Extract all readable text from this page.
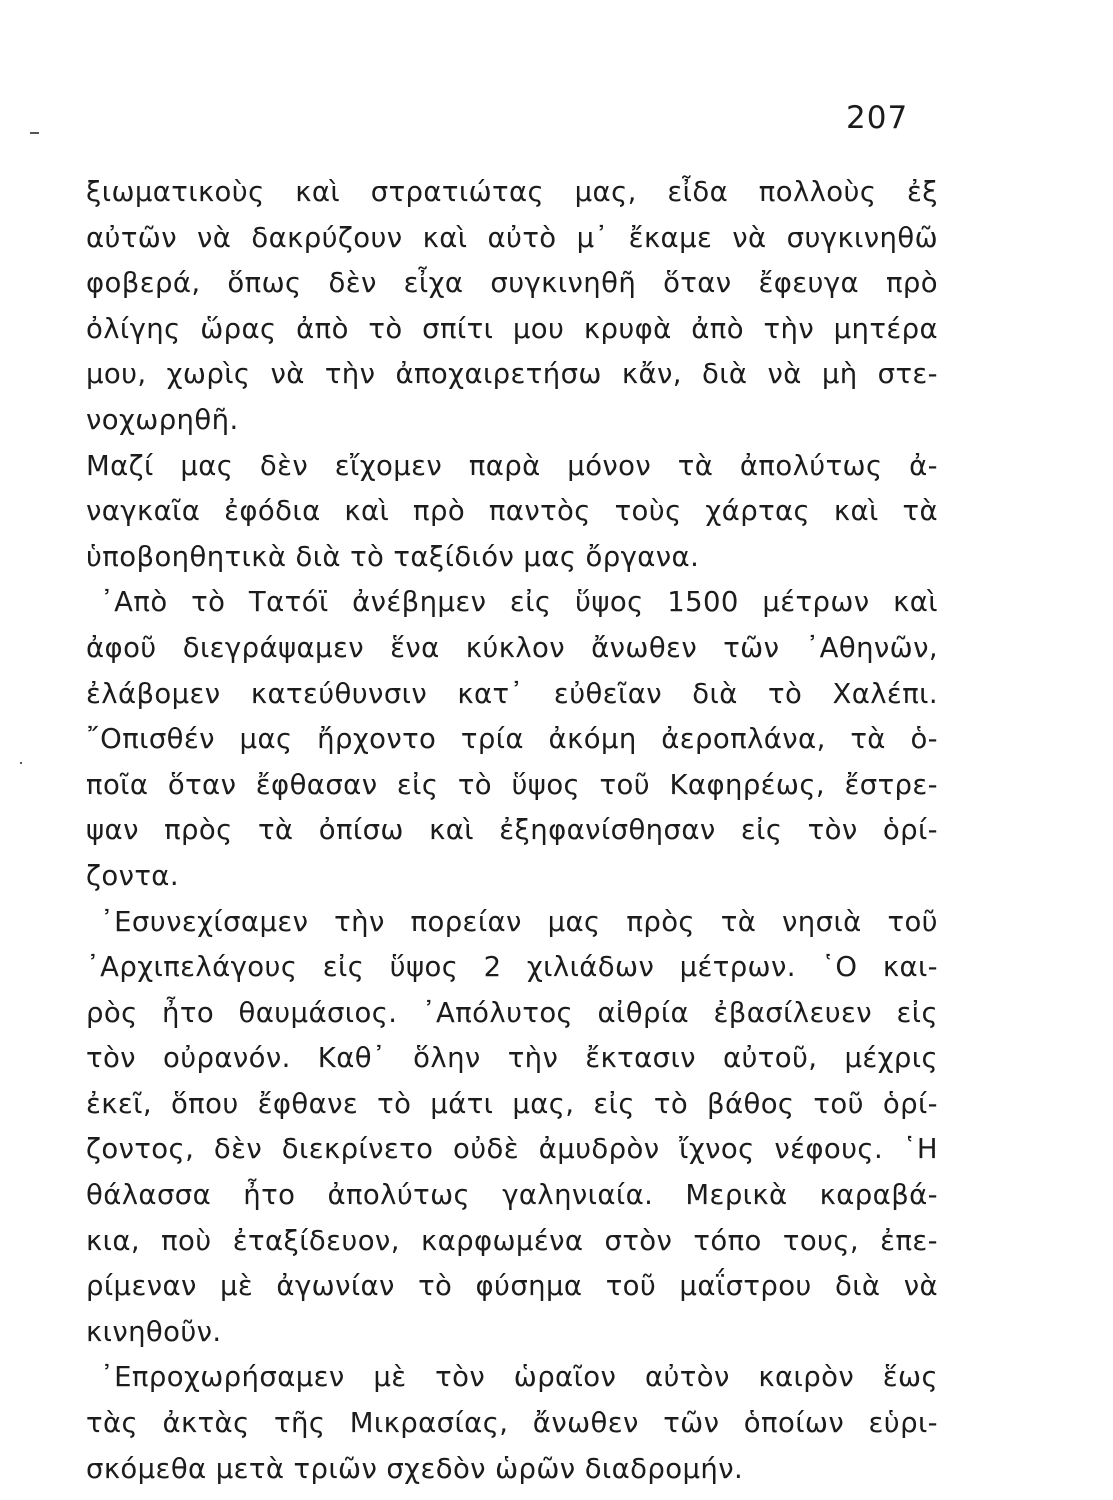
207
ξιωματικοὺς καὶ στρατιώτας μας, εἶδα πολλοὺς ἐξ
αὐτῶν νὰ δακρύζουν καὶ αὐτὸ μ᾽ ἔκαμε νὰ συγκινηθῶ
φοβερά, ὅπως δὲν εἶχα συγκινηθῆ ὅταν ἔφευγα πρὸ
ὀλίγης ὥρας ἀπὸ τὸ σπίτι μου κρυφὰ ἀπὸ τὴν μητέρα
μου, χωρὶς νὰ τὴν ἀποχαιρετήσω κἄν, διὰ νὰ μὴ στε-
νοχωρηθῆ.
Μαζί μας δὲν εἴχομεν παρὰ μόνον τὰ ἀπολύτως ἀ-
ναγκαῖα ἐφόδια καὶ πρὸ παντὸς τοὺς χάρτας καὶ τὰ
ὑποβοηθητικὰ διὰ τὸ ταξίδιόν μας ὄργανα.
᾽Απὸ τὸ Τατόϊ ἀνέβημεν εἰς ὕψος 1500 μέτρων καὶ
ἀφοῦ διεγράψαμεν ἕνα κύκλον ἄνωθεν τῶν ᾽Αθηνῶν,
ἐλάβομεν κατεύθυνσιν κατ᾽ εὐθεῖαν διὰ τὸ Χαλέπι.
῎Οπισθέν μας ἤρχοντο τρία ἀκόμη ἀεροπλάνα, τὰ ὁ-
ποῖα ὅταν ἔφθασαν εἰς τὸ ὕψος τοῦ Καφηρέως, ἔστρε-
ψαν πρὸς τὰ ὀπίσω καὶ ἐξηφανίσθησαν εἰς τὸν ὁρί-
ζοντα.
᾽Εσυνεχίσαμεν τὴν πορείαν μας πρὸς τὰ νησιὰ τοῦ
᾽Αρχιπελάγους εἰς ὕψος 2 χιλιάδων μέτρων. ῾Ο και-
ρὸς ἦτο θαυμάσιος. ᾽Απόλυτος αἰθρία ἐβασίλευεν εἰς
τὸν οὐρανόν. Καθ᾽ ὅλην τὴν ἔκτασιν αὐτοῦ, μέχρις
ἐκεῖ, ὅπου ἔφθανε τὸ μάτι μας, εἰς τὸ βάθος τοῦ ὁρί-
ζοντος, δὲν διεκρίνετο οὐδὲ ἀμυδρὸν ἴχνος νέφους. ῾Η
θάλασσα ἦτο ἀπολύτως γαληνιαία. Μερικὰ καραβά-
κια, ποὺ ἐταξίδευον, καρφωμένα στὸν τόπο τους, ἐπε-
ρίμεναν μὲ ἀγωνίαν τὸ φύσημα τοῦ μαΐστρου διὰ νὰ
κινηθοῦν.
᾽Επροχωρήσαμεν μὲ τὸν ὡραῖον αὐτὸν καιρὸν ἕως
τὰς ἀκτὰς τῆς Μικρασίας, ἄνωθεν τῶν ὁποίων εὑρι-
σκόμεθα μετὰ τριῶν σχεδὸν ὡρῶν διαδρομήν.
